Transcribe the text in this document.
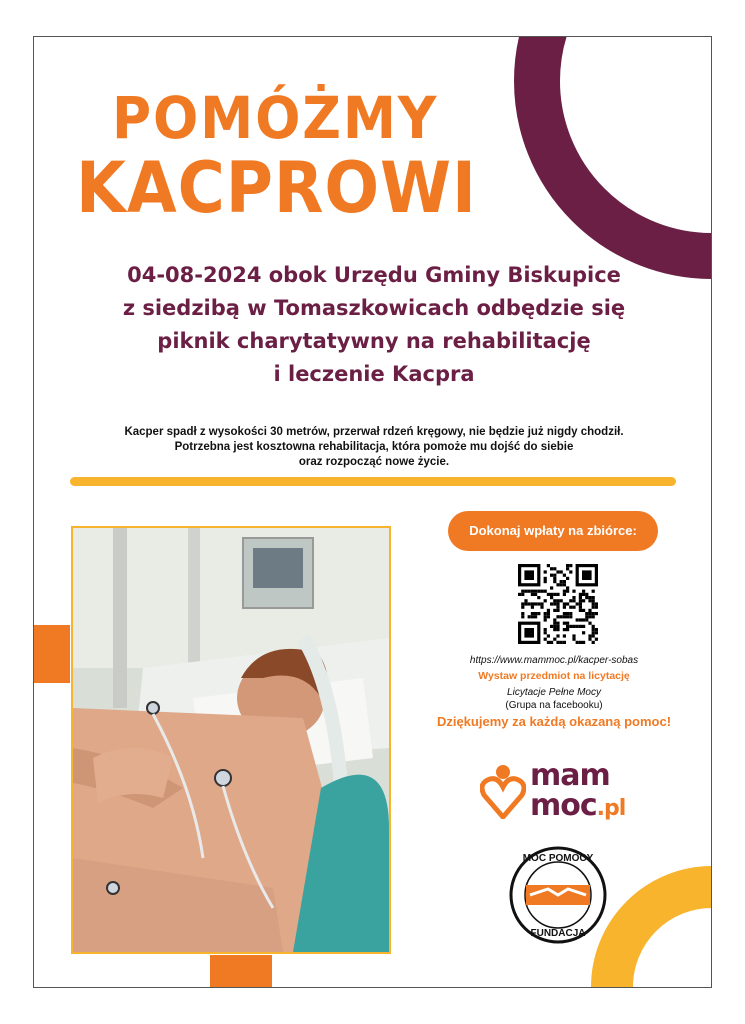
POMÓŻMY
KACPROWI
04-08-2024 obok Urzędu Gminy Biskupice
z siedzibą w Tomaszkowicach odbędzie się
piknik charytatywny na rehabilitację
i leczenie Kacpra
Kacper spadł z wysokości 30 metrów, przerwał rdzeń kręgowy, nie będzie już nigdy chodził.
Potrzebna jest kosztowna rehabilitacja, która pomoże mu dojść do siebie
oraz rozpocząć nowe życie.
Dokonaj wpłaty na zbiórce:
https://www.mammoc.pl/kacper-sobas
Wystaw przedmiot na licytację
Licytacje Pełne Mocy
(Grupa na facebooku)
Dziękujemy za każdą okazaną pomoc!
mam
moc.pl
MOC POMOCY
FUNDACJA
